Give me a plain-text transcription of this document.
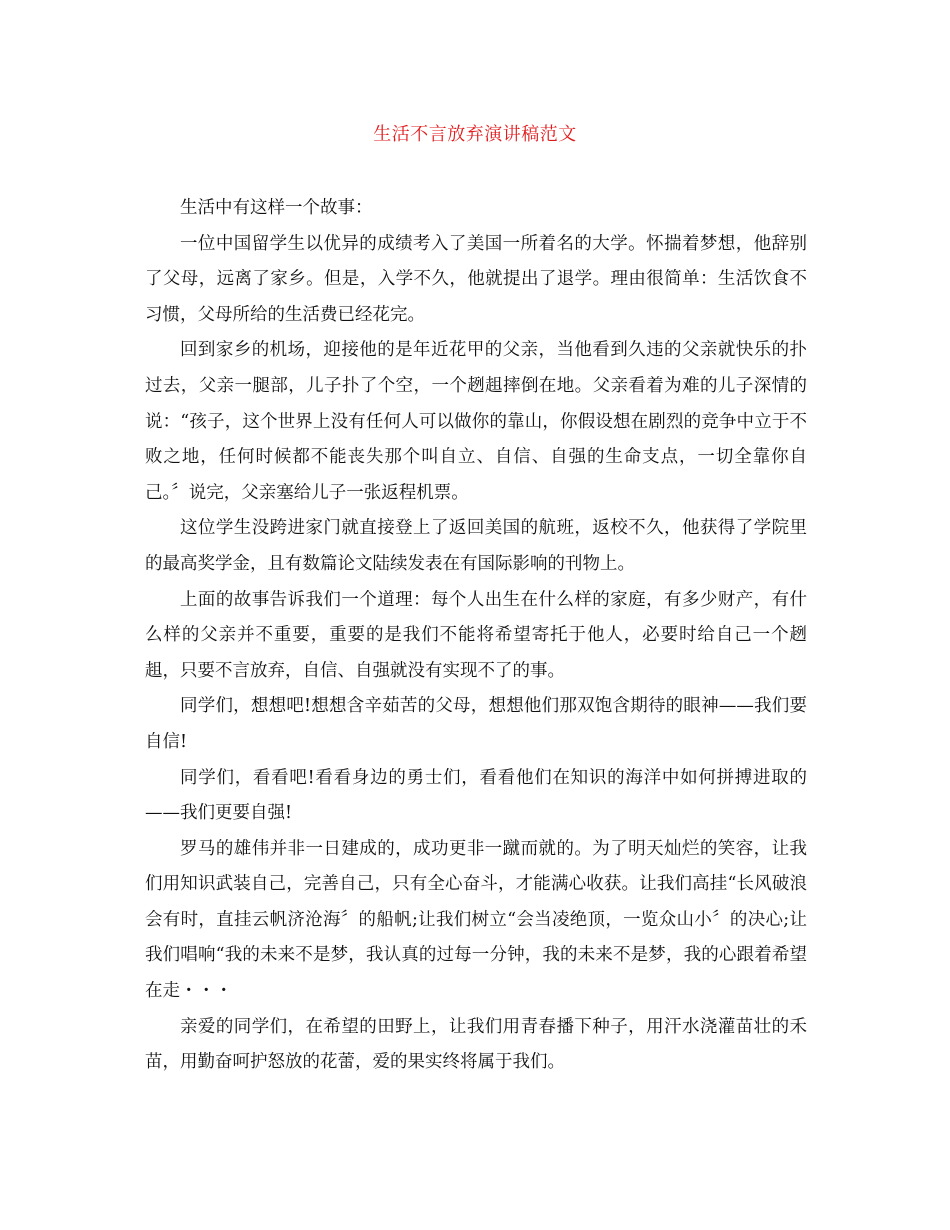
生活不言放弃演讲稿范文

生活中有这样一个故事：

一位中国留学生以优异的成绩考入了美国一所着名的大学。怀揣着梦想，他辞别了父母，远离了家乡。但是，入学不久，他就提出了退学。理由很简单：生活饮食不习惯，父母所给的生活费已经花完。

回到家乡的机场，迎接他的是年近花甲的父亲，当他看到久违的父亲就快乐的扑过去，父亲一腿部，儿子扑了个空，一个趔趄摔倒在地。父亲看着为难的儿子深情的说：“孩子，这个世界上没有任何人可以做你的靠山，你假设想在剧烈的竞争中立于不败之地，任何时候都不能丧失那个叫自立、自信、自强的生命支点，一切全靠你自己。〞说完，父亲塞给儿子一张返程机票。

这位学生没跨进家门就直接登上了返回美国的航班，返校不久，他获得了学院里的最高奖学金，且有数篇论文陆续发表在有国际影响的刊物上。

上面的故事告诉我们一个道理：每个人出生在什么样的家庭，有多少财产，有什么样的父亲并不重要，重要的是我们不能将希望寄托于他人，必要时给自己一个趔趄，只要不言放弃，自信、自强就没有实现不了的事。

同学们，想想吧!想想含辛茹苦的父母，想想他们那双饱含期待的眼神——我们要自信!

同学们，看看吧!看看身边的勇士们，看看他们在知识的海洋中如何拼搏进取的——我们更要自强!

罗马的雄伟并非一日建成的，成功更非一蹴而就的。为了明天灿烂的笑容，让我们用知识武装自己，完善自己，只有全心奋斗，才能满心收获。让我们高挂“长风破浪会有时，直挂云帆济沧海〞的船帆;让我们树立“会当凌绝顶，一览众山小〞的决心;让我们唱响“我的未来不是梦，我认真的过每一分钟，我的未来不是梦，我的心跟着希望在走・・・

亲爱的同学们，在希望的田野上，让我们用青春播下种子，用汗水浇灌苗壮的禾苗，用勤奋呵护怒放的花蕾，爱的果实终将属于我们。
